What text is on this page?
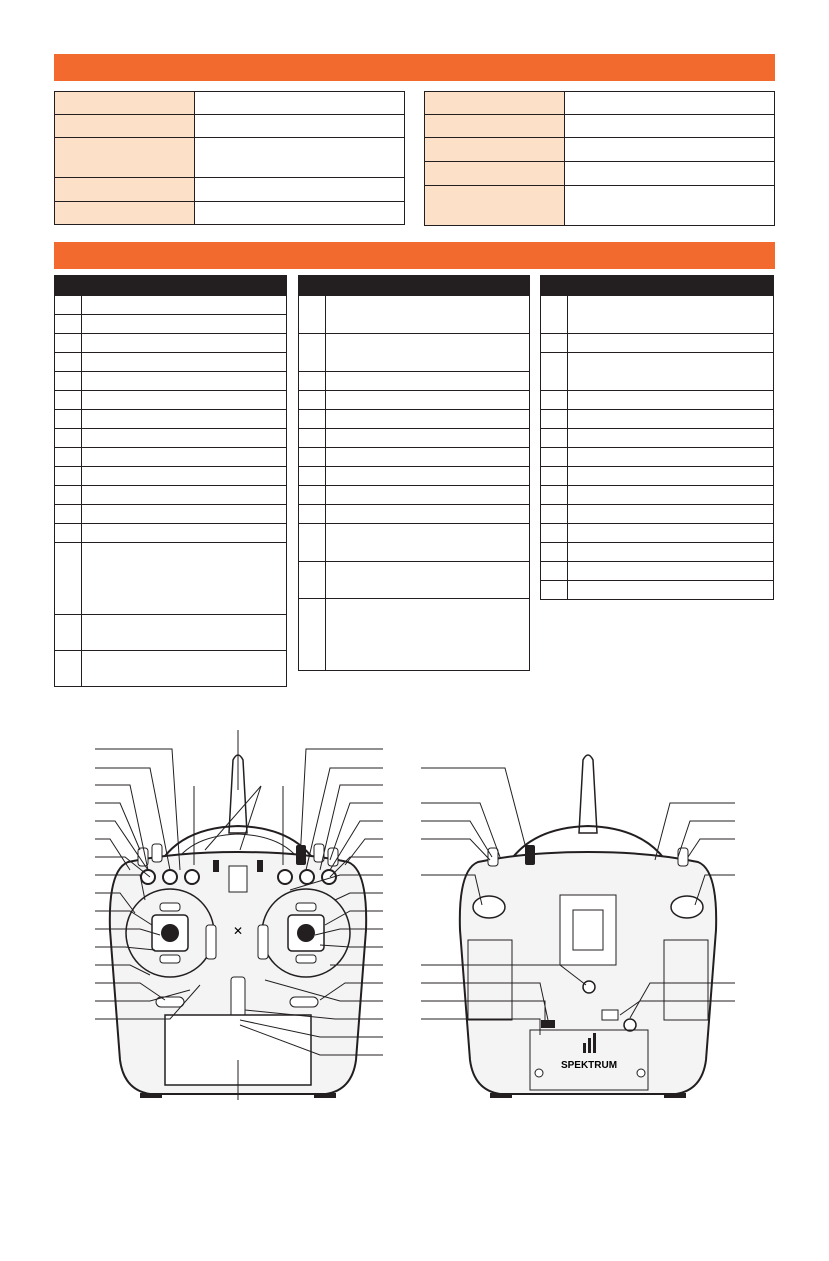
✕
SPEKTRUM
